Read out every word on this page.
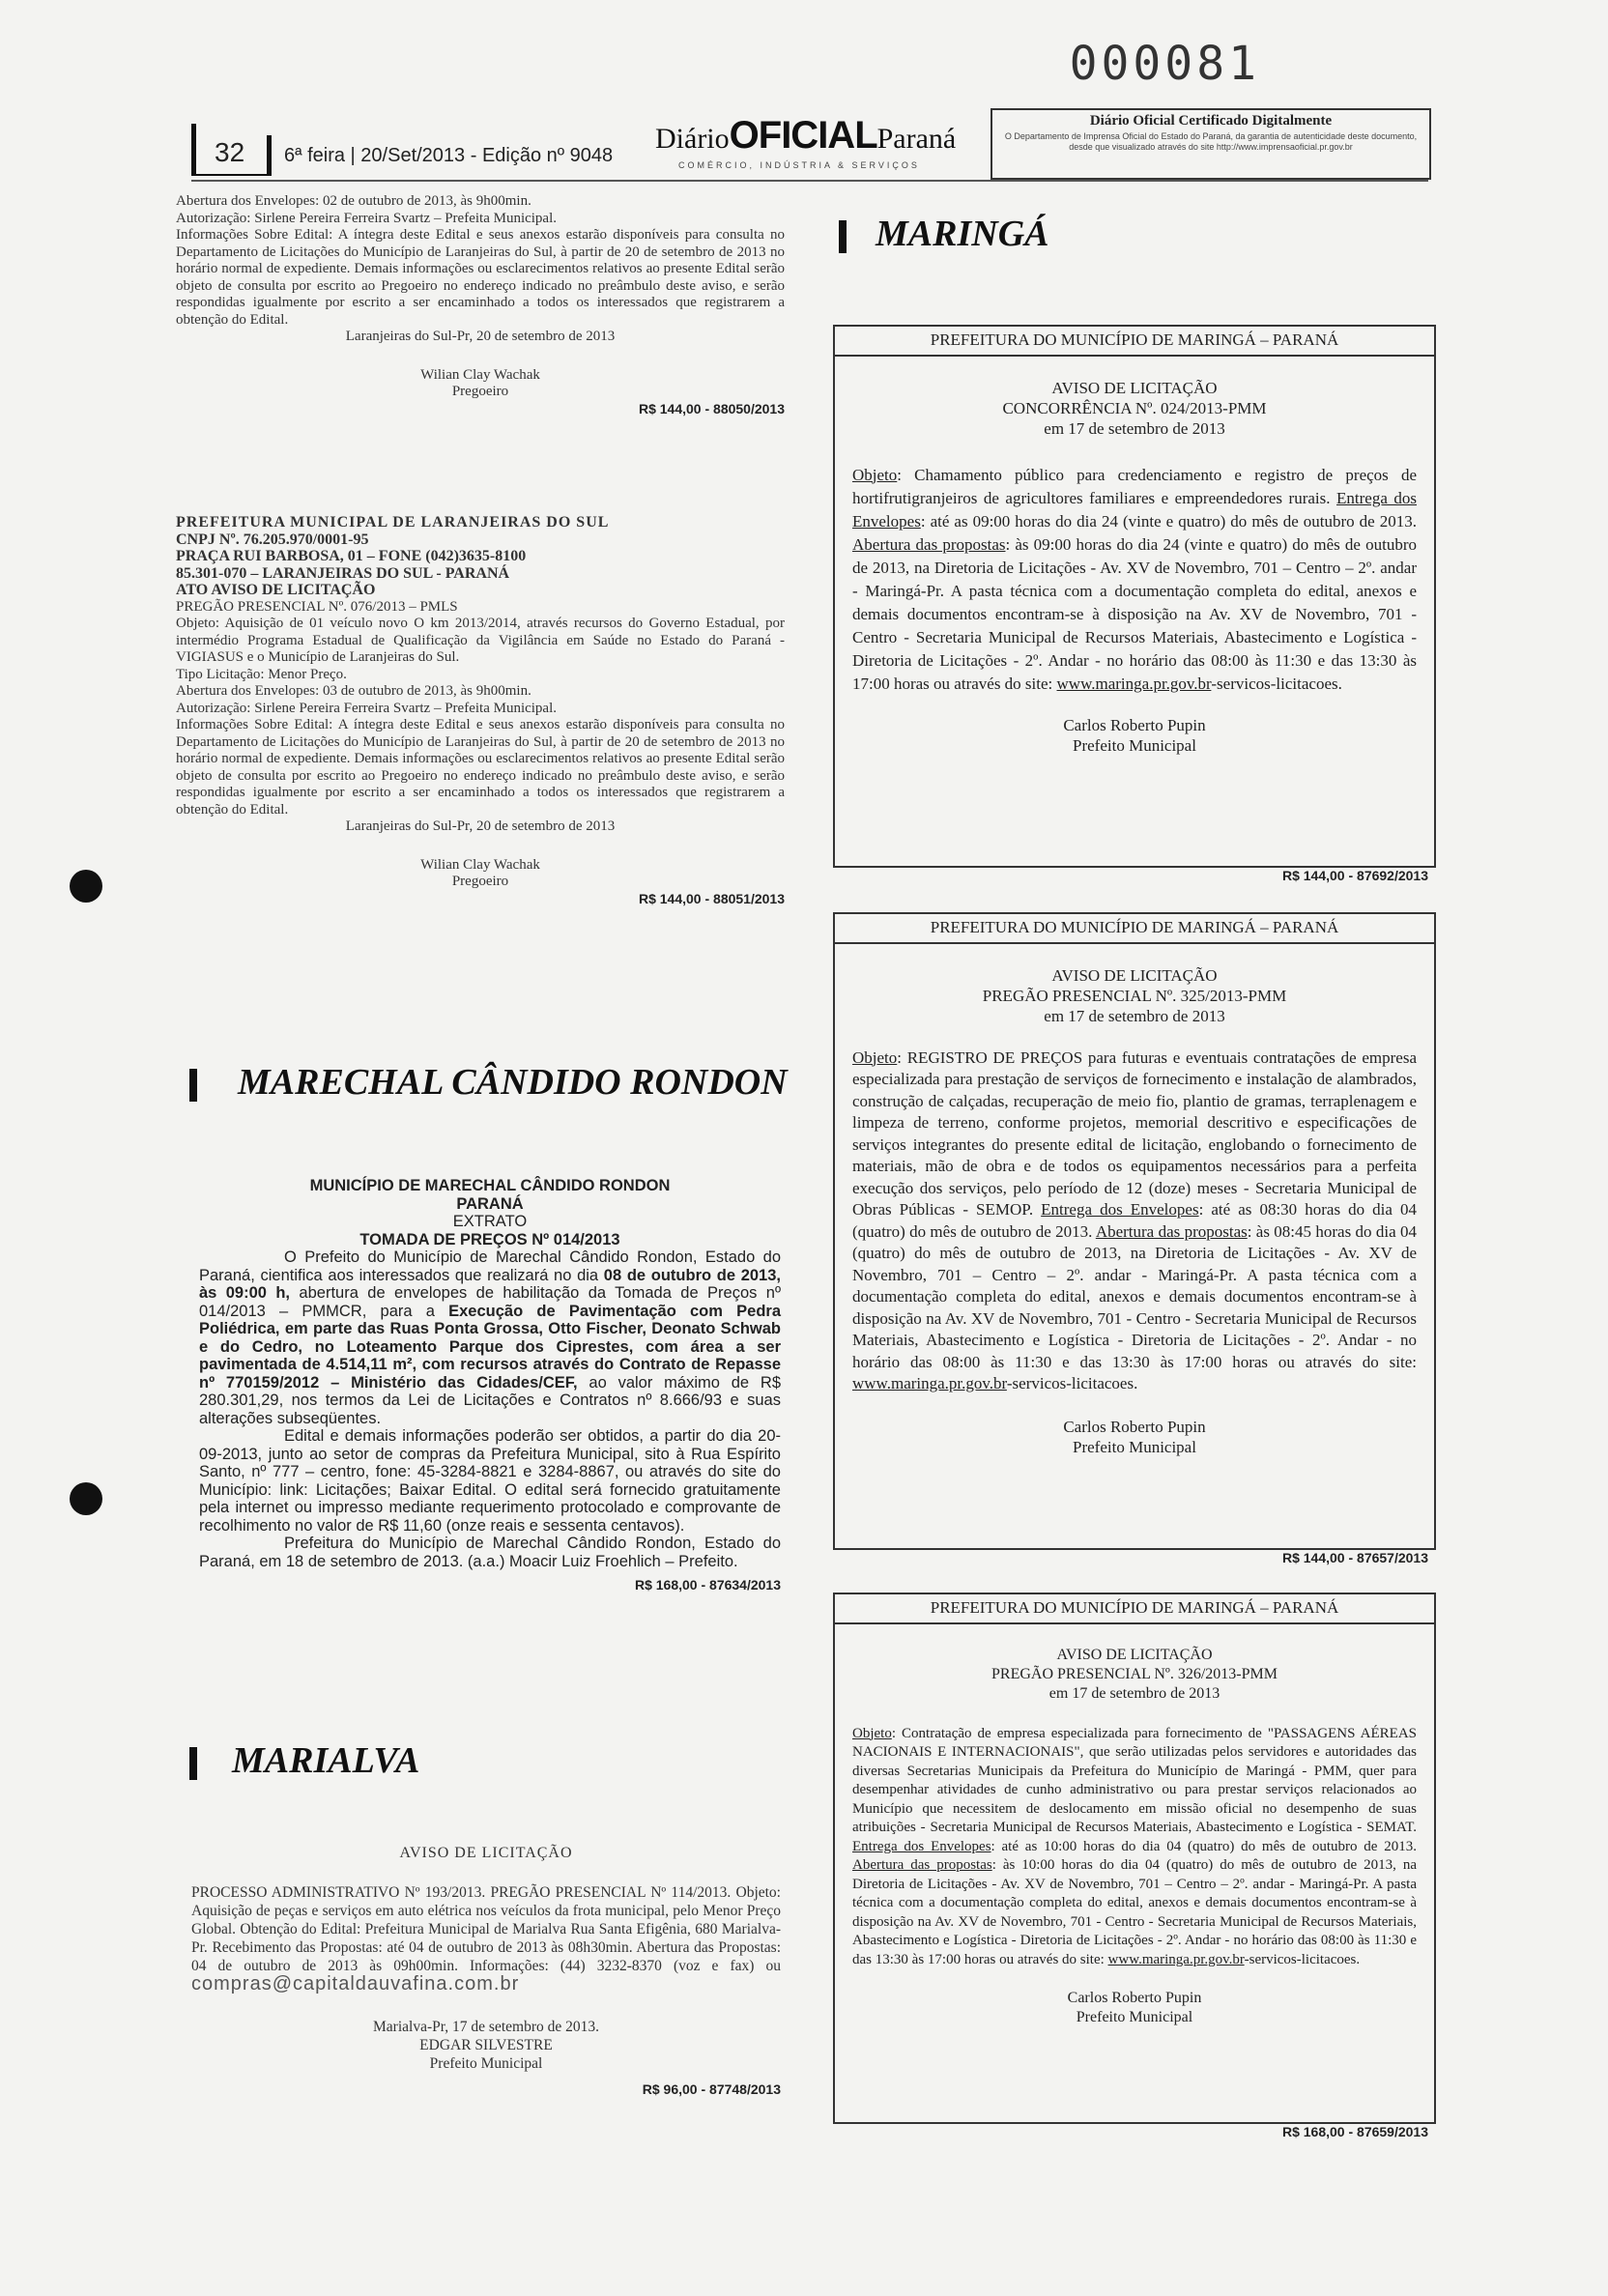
000081
32 6ª feira | 20/Set/2013 - Edição nº 9048
DiárioOFICIALParaná
COMÉRCIO, INDÚSTRIA & SERVIÇOS
Diário Oficial Certificado Digitalmente
O Departamento de Imprensa Oficial do Estado do Paraná, da garantia de autenticidade deste documento, desde que visualizado através do site http://www.imprensaoficial.pr.gov.br

Abertura dos Envelopes: 02 de outubro de 2013, às 9h00min.

Autorização: Sirlene Pereira Ferreira Svartz – Prefeita Municipal.

Informações Sobre Edital: A íntegra deste Edital e seus anexos estarão disponíveis para consulta no Departamento de Licitações do Município de Laranjeiras do Sul, à partir de 20 de setembro de 2013 no horário normal de expediente. Demais informações ou esclarecimentos relativos ao presente Edital serão objeto de consulta por escrito ao Pregoeiro no endereço indicado no preâmbulo deste aviso, e serão respondidas igualmente por escrito a ser encaminhado a todos os interessados que registrarem a obtenção do Edital.

Laranjeiras do Sul-Pr, 20 de setembro de 2013

Wilian Clay Wachak

Pregoeiro

R$ 144,00 - 88050/2013

PREFEITURA MUNICIPAL DE LARANJEIRAS DO SUL

CNPJ Nº. 76.205.970/0001-95

PRAÇA RUI BARBOSA, 01 – FONE (042)3635-8100

85.301-070 – LARANJEIRAS DO SUL - PARANÁ

ATO AVISO DE LICITAÇÃO

PREGÃO PRESENCIAL Nº. 076/2013 – PMLS

Objeto: Aquisição de 01 veículo novo O km 2013/2014, através recursos do Governo Estadual, por intermédio Programa Estadual de Qualificação da Vigilância em Saúde no Estado do Paraná - VIGIASUS e o Município de Laranjeiras do Sul.

Tipo Licitação: Menor Preço.

Abertura dos Envelopes: 03 de outubro de 2013, às 9h00min.

Autorização: Sirlene Pereira Ferreira Svartz – Prefeita Municipal.

Informações Sobre Edital: A íntegra deste Edital e seus anexos estarão disponíveis para consulta no Departamento de Licitações do Município de Laranjeiras do Sul, à partir de 20 de setembro de 2013 no horário normal de expediente. Demais informações ou esclarecimentos relativos ao presente Edital serão objeto de consulta por escrito ao Pregoeiro no endereço indicado no preâmbulo deste aviso, e serão respondidas igualmente por escrito a ser encaminhado a todos os interessados que registrarem a obtenção do Edital.

Laranjeiras do Sul-Pr, 20 de setembro de 2013

Wilian Clay Wachak

Pregoeiro

R$ 144,00 - 88051/2013

MARECHAL CÂNDIDO RONDON

MUNICÍPIO DE MARECHAL CÂNDIDO RONDON

PARANÁ

EXTRATO

TOMADA DE PREÇOS Nº 014/2013

O Prefeito do Município de Marechal Cândido Rondon, Estado do Paraná, cientifica aos interessados que realizará no dia 08 de outubro de 2013, às 09:00 h, abertura de envelopes de habilitação da Tomada de Preços nº 014/2013 – PMMCR, para a Execução de Pavimentação com Pedra Poliédrica, em parte das Ruas Ponta Grossa, Otto Fischer, Deonato Schwab e do Cedro, no Loteamento Parque dos Ciprestes, com área a ser pavimentada de 4.514,11 m², com recursos através do Contrato de Repasse nº 770159/2012 – Ministério das Cidades/CEF, ao valor máximo de R$ 280.301,29, nos termos da Lei de Licitações e Contratos nº 8.666/93 e suas alterações subseqüentes.

Edital e demais informações poderão ser obtidos, a partir do dia 20-09-2013, junto ao setor de compras da Prefeitura Municipal, sito à Rua Espírito Santo, nº 777 – centro, fone: 45-3284-8821 e 3284-8867, ou através do site do Município: link: Licitações; Baixar Edital. O edital será fornecido gratuitamente pela internet ou impresso mediante requerimento protocolado e comprovante de recolhimento no valor de R$ 11,60 (onze reais e sessenta centavos).

Prefeitura do Município de Marechal Cândido Rondon, Estado do Paraná, em 18 de setembro de 2013. (a.a.) Moacir Luiz Froehlich – Prefeito.

R$ 168,00 - 87634/2013

MARIALVA

AVISO DE LICITAÇÃO

PROCESSO ADMINISTRATIVO Nº 193/2013. PREGÃO PRESENCIAL Nº 114/2013. Objeto: Aquisição de peças e serviços em auto elétrica nos veículos da frota municipal, pelo Menor Preço Global. Obtenção do Edital: Prefeitura Municipal de Marialva Rua Santa Efigênia, 680 Marialva-Pr. Recebimento das Propostas: até 04 de outubro de 2013 às 08h30min. Abertura das Propostas: 04 de outubro de 2013 às 09h00min. Informações: (44) 3232-8370 (voz e fax) ou compras@capitaldauvafina.com.br

Marialva-Pr, 17 de setembro de 2013.

EDGAR SILVESTRE

Prefeito Municipal

R$ 96,00 - 87748/2013

MARINGÁ
PREFEITURA DO MUNICÍPIO DE MARINGÁ – PARANÁ
AVISO DE LICITAÇÃO
CONCORRÊNCIA Nº. 024/2013-PMM
em 17 de setembro de 2013
Objeto: Chamamento público para credenciamento e registro de preços de hortifrutigranjeiros de agricultores familiares e empreendedores rurais. Entrega dos Envelopes: até as 09:00 horas do dia 24 (vinte e quatro) do mês de outubro de 2013. Abertura das propostas: às 09:00 horas do dia 24 (vinte e quatro) do mês de outubro de 2013, na Diretoria de Licitações - Av. XV de Novembro, 701 – Centro – 2º. andar - Maringá-Pr. A pasta técnica com a documentação completa do edital, anexos e demais documentos encontram-se à disposição na Av. XV de Novembro, 701 - Centro - Secretaria Municipal de Recursos Materiais, Abastecimento e Logística - Diretoria de Licitações - 2º. Andar - no horário das 08:00 às 11:30 e das 13:30 às 17:00 horas ou através do site: www.maringa.pr.gov.br-servicos-licitacoes.
Carlos Roberto Pupin
Prefeito Municipal
R$ 144,00 - 87692/2013
PREFEITURA DO MUNICÍPIO DE MARINGÁ – PARANÁ
AVISO DE LICITAÇÃO
PREGÃO PRESENCIAL Nº. 325/2013-PMM
em 17 de setembro de 2013
Objeto: REGISTRO DE PREÇOS para futuras e eventuais contratações de empresa especializada para prestação de serviços de fornecimento e instalação de alambrados, construção de calçadas, recuperação de meio fio, plantio de gramas, terraplenagem e limpeza de terreno, conforme projetos, memorial descritivo e especificações de serviços integrantes do presente edital de licitação, englobando o fornecimento de materiais, mão de obra e de todos os equipamentos necessários para a perfeita execução dos serviços, pelo período de 12 (doze) meses - Secretaria Municipal de Obras Públicas - SEMOP. Entrega dos Envelopes: até as 08:30 horas do dia 04 (quatro) do mês de outubro de 2013. Abertura das propostas: às 08:45 horas do dia 04 (quatro) do mês de outubro de 2013, na Diretoria de Licitações - Av. XV de Novembro, 701 – Centro – 2º. andar - Maringá-Pr. A pasta técnica com a documentação completa do edital, anexos e demais documentos encontram-se à disposição na Av. XV de Novembro, 701 - Centro - Secretaria Municipal de Recursos Materiais, Abastecimento e Logística - Diretoria de Licitações - 2º. Andar - no horário das 08:00 às 11:30 e das 13:30 às 17:00 horas ou através do site: www.maringa.pr.gov.br-servicos-licitacoes.
Carlos Roberto Pupin
Prefeito Municipal
R$ 144,00 - 87657/2013
PREFEITURA DO MUNICÍPIO DE MARINGÁ – PARANÁ
AVISO DE LICITAÇÃO
PREGÃO PRESENCIAL Nº. 326/2013-PMM
em 17 de setembro de 2013
Objeto: Contratação de empresa especializada para fornecimento de "PASSAGENS AÉREAS NACIONAIS E INTERNACIONAIS", que serão utilizadas pelos servidores e autoridades das diversas Secretarias Municipais da Prefeitura do Município de Maringá - PMM, quer para desempenhar atividades de cunho administrativo ou para prestar serviços relacionados ao Município que necessitem de deslocamento em missão oficial no desempenho de suas atribuições - Secretaria Municipal de Recursos Materiais, Abastecimento e Logística - SEMAT. Entrega dos Envelopes: até as 10:00 horas do dia 04 (quatro) do mês de outubro de 2013. Abertura das propostas: às 10:00 horas do dia 04 (quatro) do mês de outubro de 2013, na Diretoria de Licitações - Av. XV de Novembro, 701 – Centro – 2º. andar - Maringá-Pr. A pasta técnica com a documentação completa do edital, anexos e demais documentos encontram-se à disposição na Av. XV de Novembro, 701 - Centro - Secretaria Municipal de Recursos Materiais, Abastecimento e Logística - Diretoria de Licitações - 2º. Andar - no horário das 08:00 às 11:30 e das 13:30 às 17:00 horas ou através do site: www.maringa.pr.gov.br-servicos-licitacoes.
Carlos Roberto Pupin
Prefeito Municipal
R$ 168,00 - 87659/2013
